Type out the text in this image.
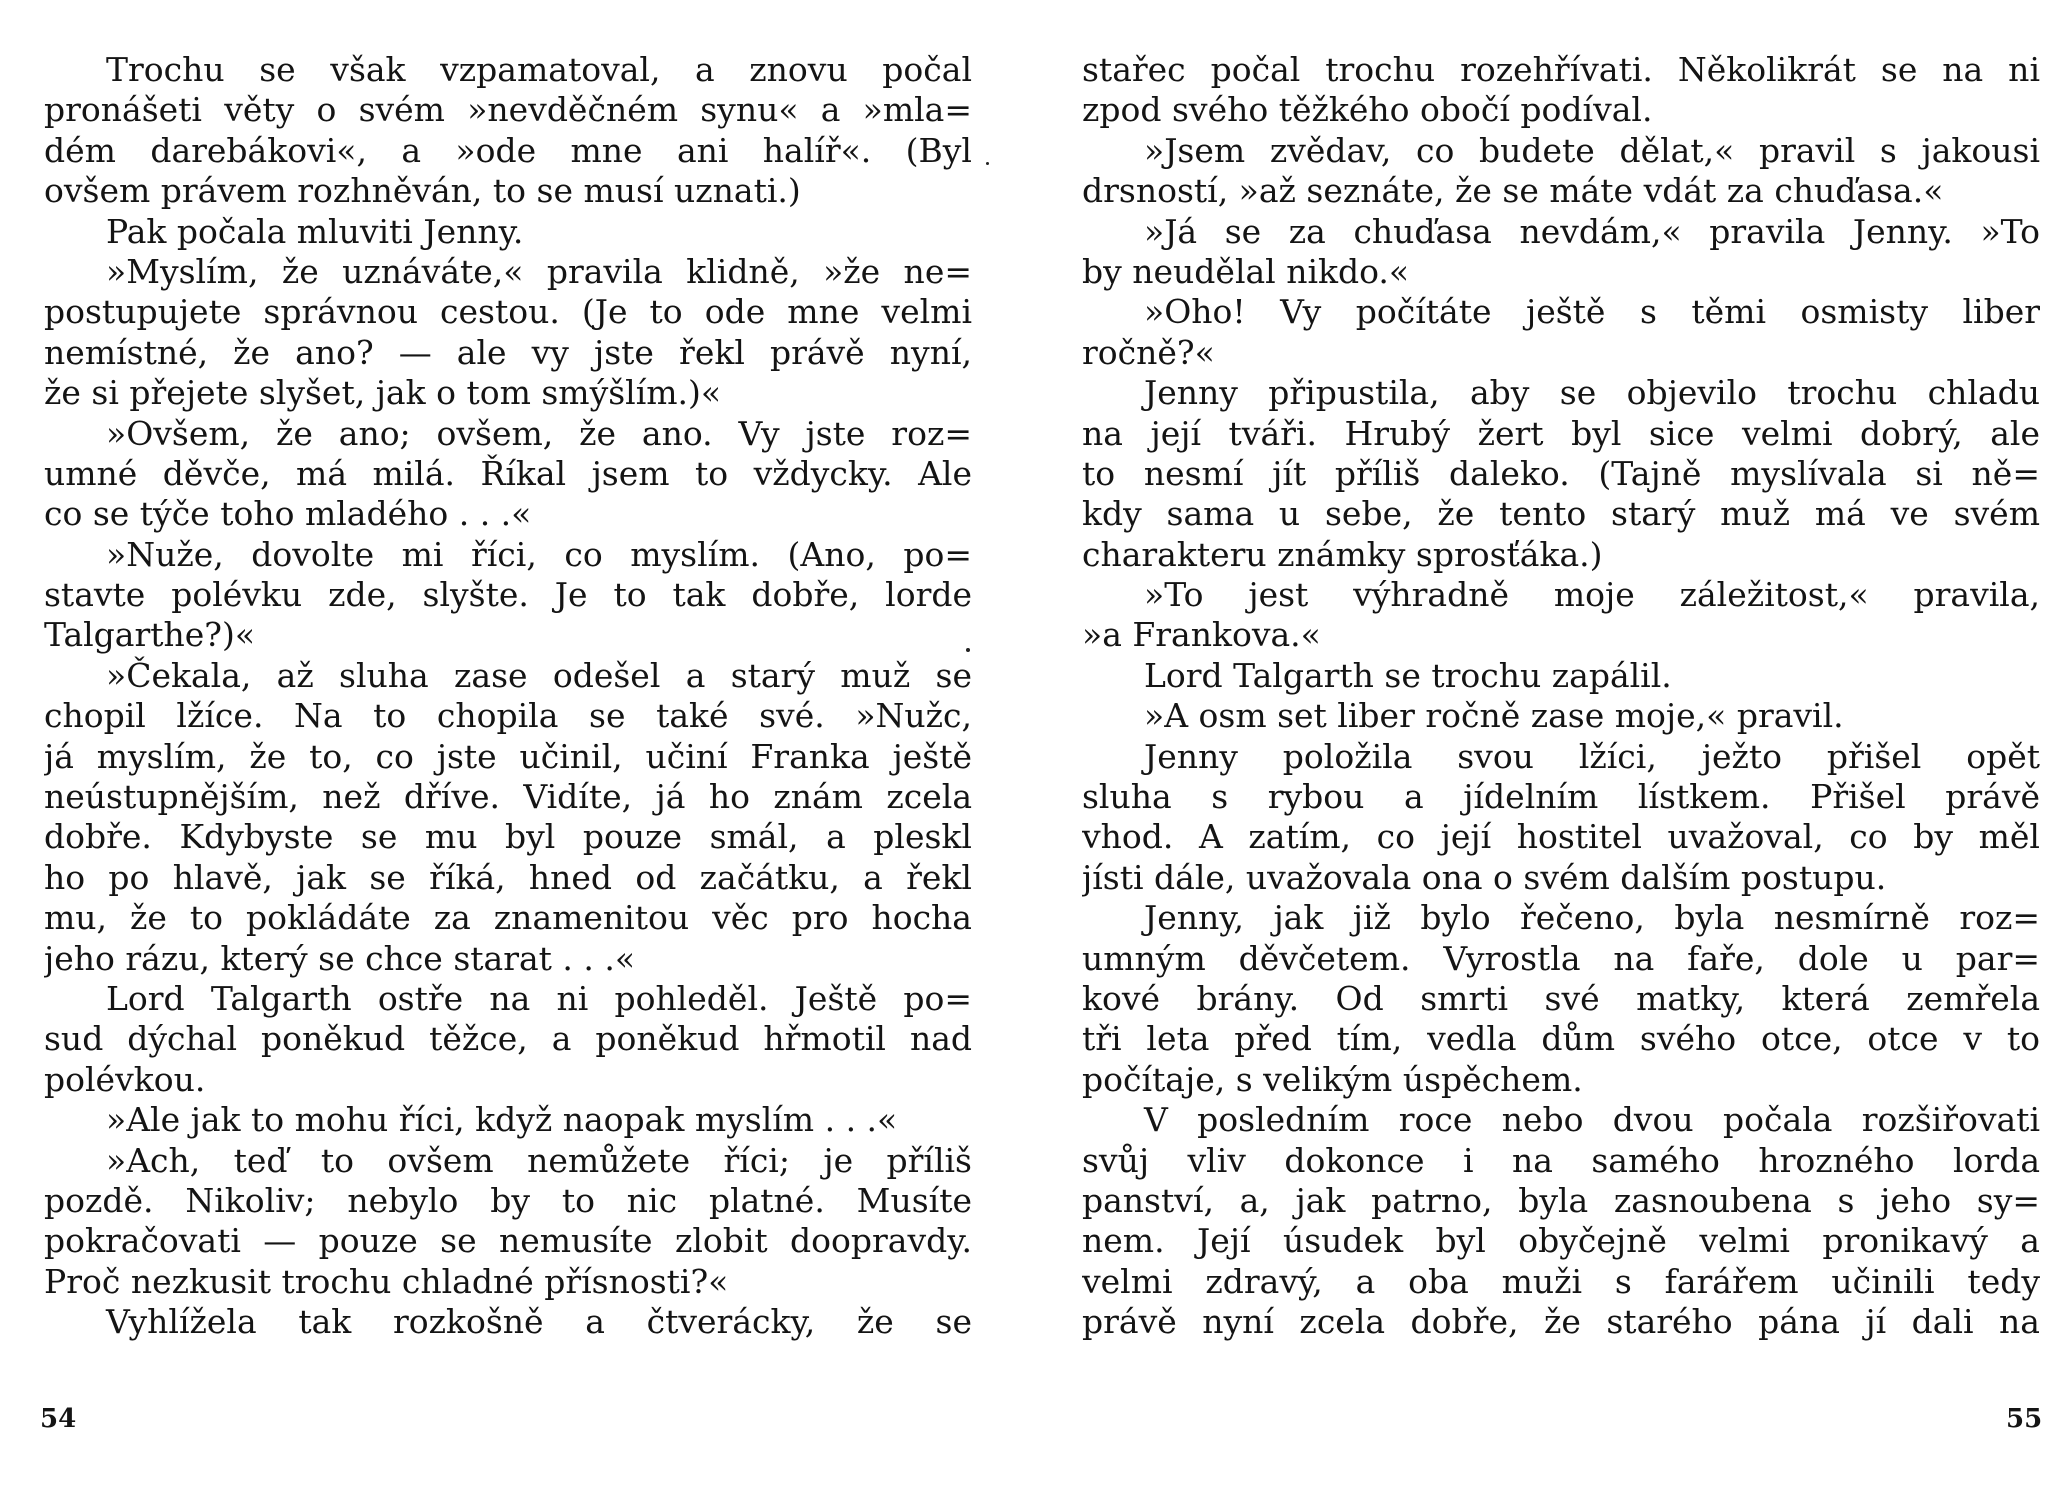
Trochu se však vzpamatoval, a znovu počal
pronášeti věty o svém »nevděčném synu« a »mla=
dém darebákovi«, a »ode mne ani halíř«. (Byl
ovšem právem rozhněván, to se musí uznati.)
Pak počala mluviti Jenny.
»Myslím, že uznáváte,« pravila klidně, »že ne=
postupujete správnou cestou. (Je to ode mne velmi
nemístné, že ano? — ale vy jste řekl právě nyní,
že si přejete slyšet, jak o tom smýšlím.)«
»Ovšem, že ano; ovšem, že ano. Vy jste roz=
umné děvče, má milá. Říkal jsem to vždycky. Ale
co se týče toho mladého . . .«
»Nuže, dovolte mi říci, co myslím. (Ano, po=
stavte polévku zde, slyšte. Je to tak dobře, lorde
Talgarthe?)«
»Čekala, až sluha zase odešel a starý muž se
chopil lžíce. Na to chopila se také své. »Nužc,
já myslím, že to, co jste učinil, učiní Franka ještě
neústupnějším, než dříve. Vidíte, já ho znám zcela
dobře. Kdybyste se mu byl pouze smál, a pleskl
ho po hlavě, jak se říká, hned od začátku, a řekl
mu, že to pokládáte za znamenitou věc pro hocha
jeho rázu, který se chce starat . . .«
Lord Talgarth ostře na ni pohleděl. Ještě po=
sud dýchal poněkud těžce, a poněkud hřmotil nad
polévkou.
»Ale jak to mohu říci, když naopak myslím . . .«
»Ach, teď to ovšem nemůžete říci; je příliš
pozdě. Nikoliv; nebylo by to nic platné. Musíte
pokračovati — pouze se nemusíte zlobit doopravdy.
Proč nezkusit trochu chladné přísnosti?«
Vyhlížela tak rozkošně a čtverácky, že se
54
stařec počal trochu rozehřívati. Několikrát se na ni
zpod svého těžkého obočí podíval.
»Jsem zvědav, co budete dělat,« pravil s jakousi
drsností, »až seznáte, že se máte vdát za chuďasa.«
»Já se za chuďasa nevdám,« pravila Jenny. »To
by neudělal nikdo.«
»Oho! Vy počítáte ještě s těmi osmisty liber
ročně?«
Jenny připustila, aby se objevilo trochu chladu
na její tváři. Hrubý žert byl sice velmi dobrý, ale
to nesmí jít příliš daleko. (Tajně myslívala si ně=
kdy sama u sebe, že tento starý muž má ve svém
charakteru známky sprosťáka.)
»To jest výhradně moje záležitost,« pravila,
»a Frankova.«
Lord Talgarth se trochu zapálil.
»A osm set liber ročně zase moje,« pravil.
Jenny položila svou lžíci, ježto přišel opět
sluha s rybou a jídelním lístkem. Přišel právě
vhod. A zatím, co její hostitel uvažoval, co by měl
jísti dále, uvažovala ona o svém dalším postupu.
Jenny, jak již bylo řečeno, byla nesmírně roz=
umným děvčetem. Vyrostla na faře, dole u par=
kové brány. Od smrti své matky, která zemřela
tři leta před tím, vedla dům svého otce, otce v to
počítaje, s velikým úspěchem.
V posledním roce nebo dvou počala rozšiřovati
svůj vliv dokonce i na samého hrozného lorda
panství, a, jak patrno, byla zasnoubena s jeho sy=
nem. Její úsudek byl obyčejně velmi pronikavý a
velmi zdravý, a oba muži s farářem učinili tedy
právě nyní zcela dobře, že starého pána jí dali na
55
